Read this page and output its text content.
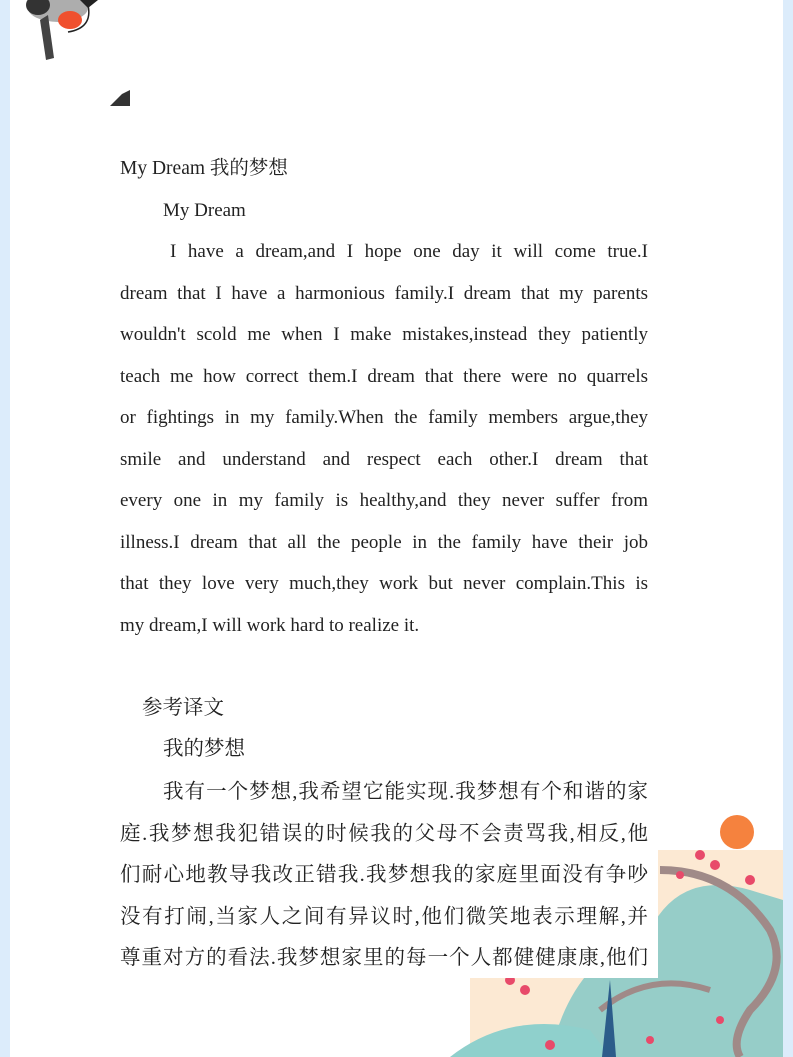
My Dream 我的梦想
My Dream
I have a dream,and I hope one day it will come true.I
dream that I have a harmonious family.I dream that my parents
wouldn't scold me when I make mistakes,instead they patiently
teach me how correct them.I dream that there were no quarrels
or fightings in my family.When the family members argue,they
smile and understand and respect each other.I dream that
every one in my family is healthy,and they never suffer from
illness.I dream that all the people in the family have their job
that they love very much,they work but never complain.This is
my dream,I will work hard to realize it.
参考译文
我的梦想
我有一个梦想,我希望它能实现.我梦想有个和谐的家
庭.我梦想我犯错误的时候我的父母不会责骂我,相反,他
们耐心地教导我改正错我.我梦想我的家庭里面没有争吵
没有打闹,当家人之间有异议时,他们微笑地表示理解,并
尊重对方的看法.我梦想家里的每一个人都健健康康,他们
